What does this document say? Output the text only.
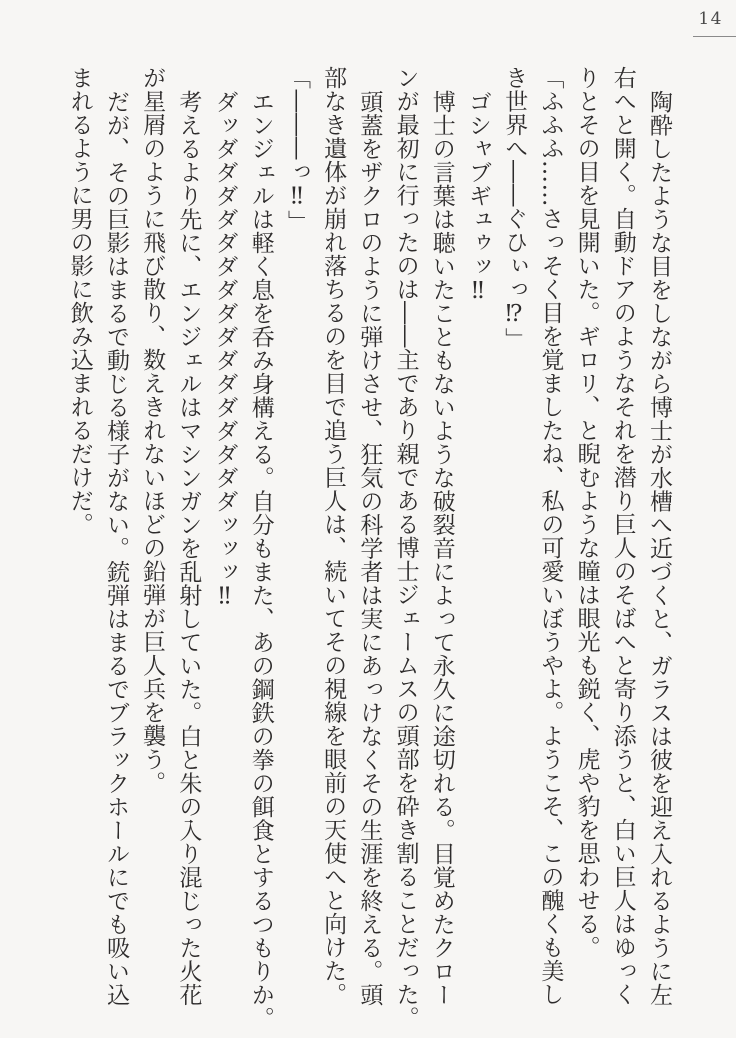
14
陶酔したような目をしながら博士が水槽へ近づくと、ガラスは彼を迎え入れるように左
右へと開く。自動ドアのようなそれを潜り巨人のそばへと寄り添うと、白い巨人はゆっく
りとその目を見開いた。ギロリ、と睨むような瞳は眼光も鋭く、虎や豹を思わせる。
「ふふふ……さっそく目を覚ましたね、私の可愛いぼうやよ。ようこそ、この醜くも美し
き世界へ――ぐひぃっ⁉」
ゴシャブギュゥッ‼
博士の言葉は聴いたこともないような破裂音によって永久に途切れる。目覚めたクロー
ンが最初に行ったのは――主であり親である博士ジェームスの頭部を砕き割ることだった。
頭蓋をザクロのように弾けさせ、狂気の科学者は実にあっけなくその生涯を終える。頭
部なき遺体が崩れ落ちるのを目で追う巨人は、続いてその視線を眼前の天使へと向けた。
「―――っ‼」
エンジェルは軽く息を呑み身構える。自分もまた、あの鋼鉄の拳の餌食とするつもりか。
ダッダダダダダダダダダダダダダダダダッッッ‼
考えるより先に、エンジェルはマシンガンを乱射していた。白と朱の入り混じった火花
が星屑のように飛び散り、数えきれないほどの鉛弾が巨人兵を襲う。
だが、その巨影はまるで動じる様子がない。銃弾はまるでブラックホールにでも吸い込
まれるように男の影に飲み込まれるだけだ。
